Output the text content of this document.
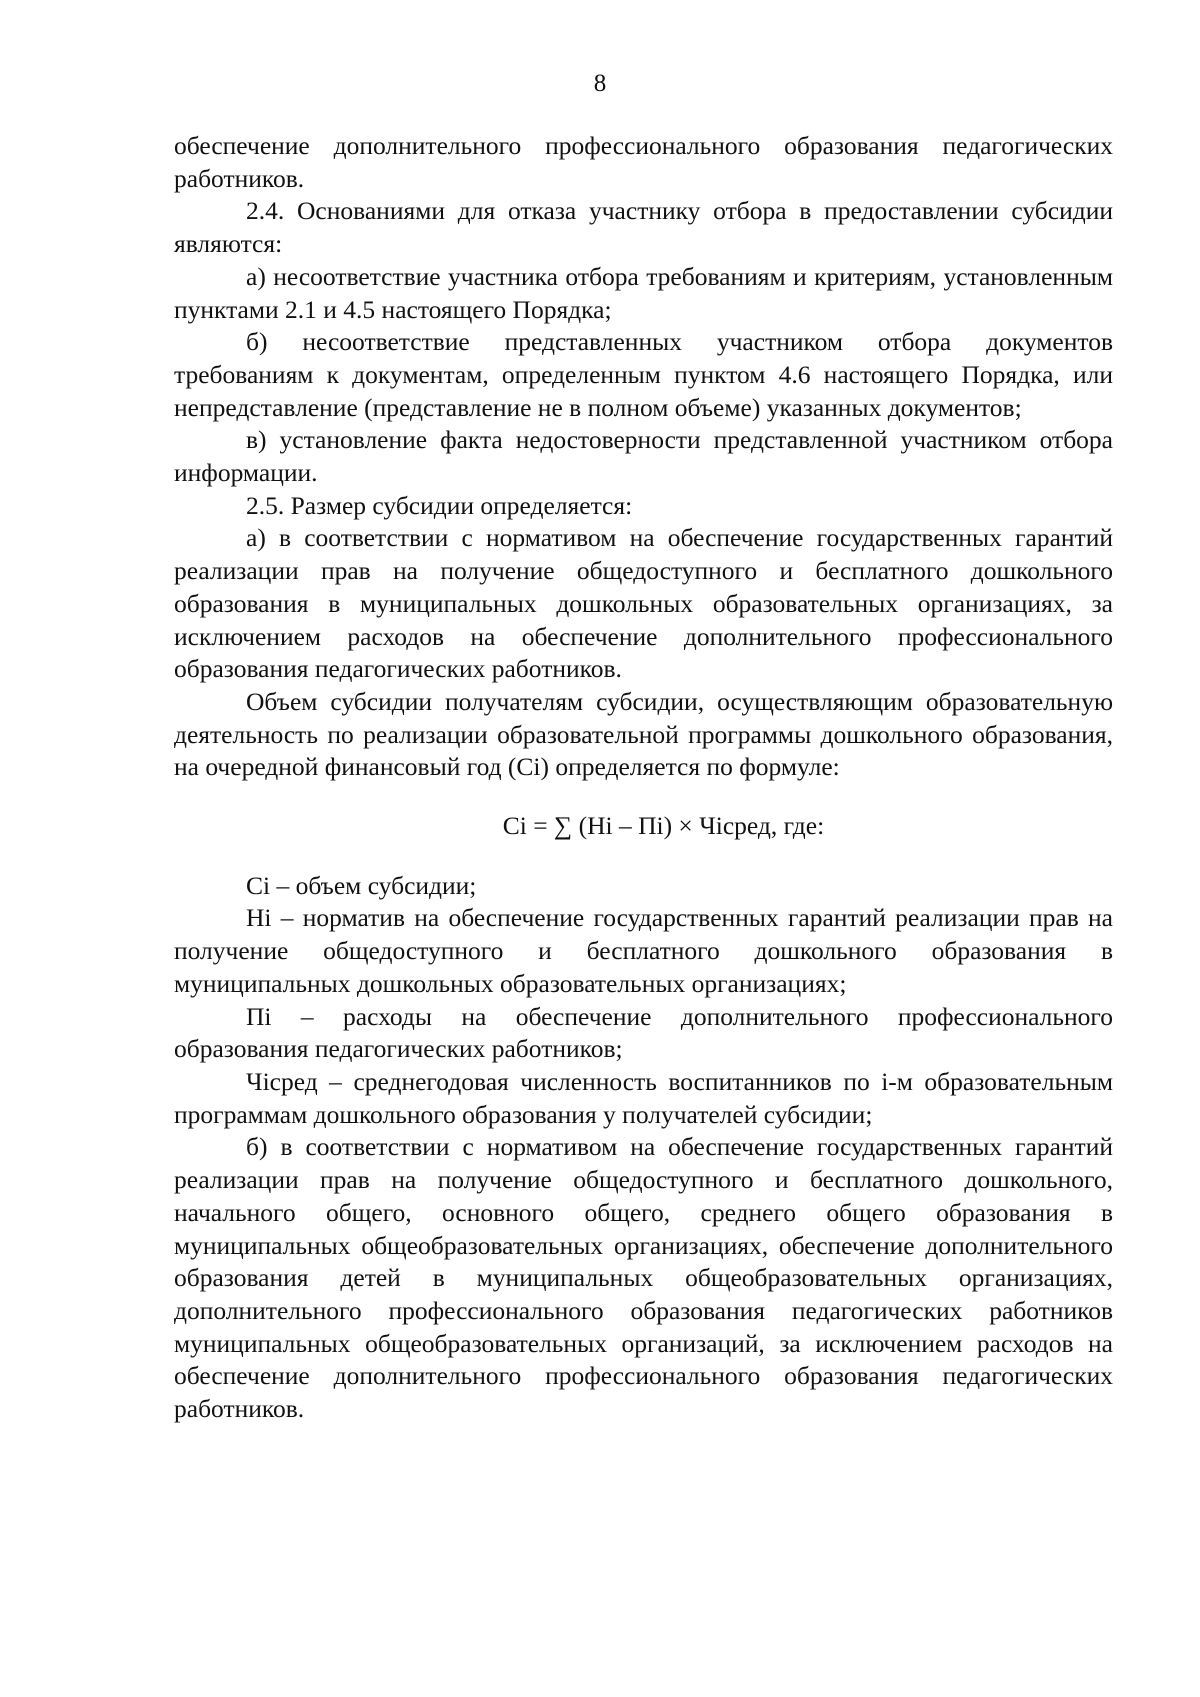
8

обеспечение дополнительного профессионального образования педагогических работников.

2.4. Основаниями для отказа участнику отбора в предоставлении субсидии являются:

а) несоответствие участника отбора требованиям и критериям, установленным пунктами 2.1 и 4.5 настоящего Порядка;

б) несоответствие представленных участником отбора документов требованиям к документам, определенным пунктом 4.6 настоящего Порядка, или непредставление (представление не в полном объеме) указанных документов;

в) установление факта недостоверности представленной участником отбора информации.

2.5. Размер субсидии определяется:

а) в соответствии с нормативом на обеспечение государственных гарантий реализации прав на получение общедоступного и бесплатного дошкольного образования в муниципальных дошкольных образовательных организациях, за исключением расходов на обеспечение дополнительного профессионального образования педагогических работников.

Объем субсидии получателям субсидии, осуществляющим образовательную деятельность по реализации образовательной программы дошкольного образования, на очередной финансовый год (Сi) определяется по формуле:

Сi = ∑ (Нi – Пi) × Чiсред, где:

Сi – объем субсидии;

Нi – норматив на обеспечение государственных гарантий реализации прав на получение общедоступного и бесплатного дошкольного образования в муниципальных дошкольных образовательных организациях;

Пi – расходы на обеспечение дополнительного профессионального образования педагогических работников;

Чiсред – среднегодовая численность воспитанников по i-м образовательным программам дошкольного образования у получателей субсидии;

б) в соответствии с нормативом на обеспечение государственных гарантий реализации прав на получение общедоступного и бесплатного дошкольного, начального общего, основного общего, среднего общего образования в муниципальных общеобразовательных организациях, обеспечение дополнительного образования детей в муниципальных общеобразовательных организациях, дополнительного профессионального образования педагогических работников муниципальных общеобразовательных организаций, за исключением расходов на обеспечение дополнительного профессионального образования педагогических работников.
